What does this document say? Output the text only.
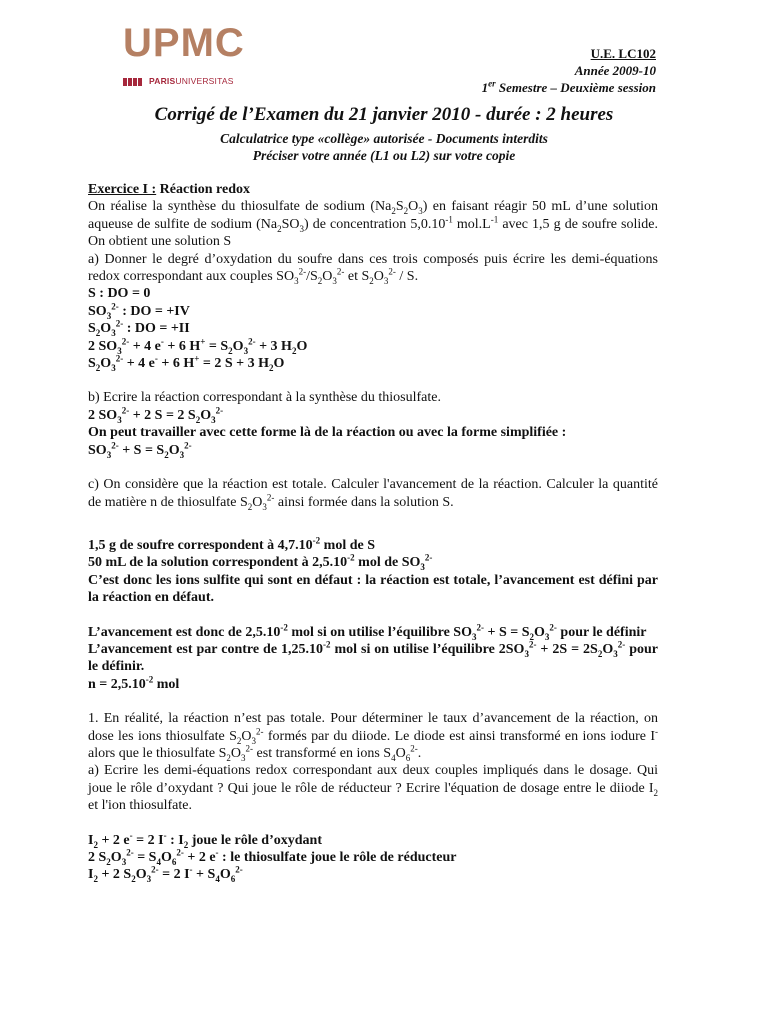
UPMC
PARISUNIVERSITAS
U.E. LC102
Année 2009-10
1er Semestre – Deuxième session
Corrigé de l’Examen du 21 janvier 2010 - durée : 2 heures
Calculatrice type «collège» autorisée - Documents interdits
Préciser votre année (L1 ou L2) sur votre copie

Exercice I : Réaction redox

On réalise la synthèse du thiosulfate de sodium $(Na_2S_2O_3)$ en faisant réagir 50 mL d’une solution aqueuse de sulfite de sodium $(Na_2SO_3)$ de concentration $5,0.10^{-1}$ $mol.L^{-1}$ avec 1,5 g de soufre solide. On obtient une solution S

a) Donner le degré d’oxydation du soufre dans ces trois composés puis écrire les demi-équations redox correspondant aux couples $SO_3^{2-}/S_2O_3^{2-}$ et $S_2O_3^{2-}$ / S.

S : DO = 0

$SO_3^{2-}$ : DO = +IV

$S_2O_3^{2-}$ : DO = +II

2 $SO_3^{2-} + 4$ e- + 6 $H^+ = S_2O_3^{2-} + 3$ $H_2O$

$S_2O_3^{2-} + 4$ e- + 6 H+ = 2 S + 3 $H_2O$

b) Ecrire la réaction correspondant à la synthèse du thiosulfate.

2 $SO_3^{2-} + 2$ S = 2 $S_2O_3^{2-}$

On peut travailler avec cette forme là de la réaction ou avec la forme simplifiée :

$SO_3^{2-} + S = S_2O_3^{2-}$

c) On considère que la réaction est totale. Calculer l'avancement de la réaction. Calculer la quantité de matière n de thiosulfate $S_2O_3^{2-}$ ainsi formée dans la solution S.

1,5 g de soufre correspondent à $4,7.10^{-2}$ mol de S

50 mL de la solution correspondent à $2,5.10^{-2}$ mol de $SO_3^{2-}$

C’est donc les ions sulfite qui sont en défaut : la réaction est totale, l’avancement est défini par la réaction en défaut.

L’avancement est donc de $2,5.10^{-2}$ mol si on utilise l’équilibre $SO_3^{2-} + S = S_2O_3^{2-}$ pour le définir

L’avancement est par contre de $1,25.10^{-2}$ mol si on utilise l’équilibre $2SO_3^{2-} + 2S = 2S_2O_3^{2-}$ pour le définir.

$n = 2,5.10^{-2}$ mol

1. En réalité, la réaction n’est pas totale. Pour déterminer le taux d’avancement de la réaction, on dose les ions thiosulfate $S_2O_3^{2-}$ formés par du diiode. Le diode est ainsi transformé en ions iodure I- alors que le thiosulfate $S_2O_3^{2-}$ est transformé en ions $S_4O_6^{2-}$.

a) Ecrire les demi-équations redox correspondant aux deux couples impliqués dans le dosage. Qui joue le rôle d’oxydant ? Qui joue le rôle de réducteur ? Ecrire l'équation de dosage entre le diiode $I_2$ et l'ion thiosulfate.

$I_2 + 2$ e- = 2 I- : $I_2$ joue le rôle d’oxydant

2 $S_2O_3^{2-} = S_4O_6^{2-} + 2$ e- : le thiosulfate joue le rôle de réducteur

$I_2 + 2$ $S_2O_3^{2-} = 2$ $I^- + S_4O_6^{2-}$
